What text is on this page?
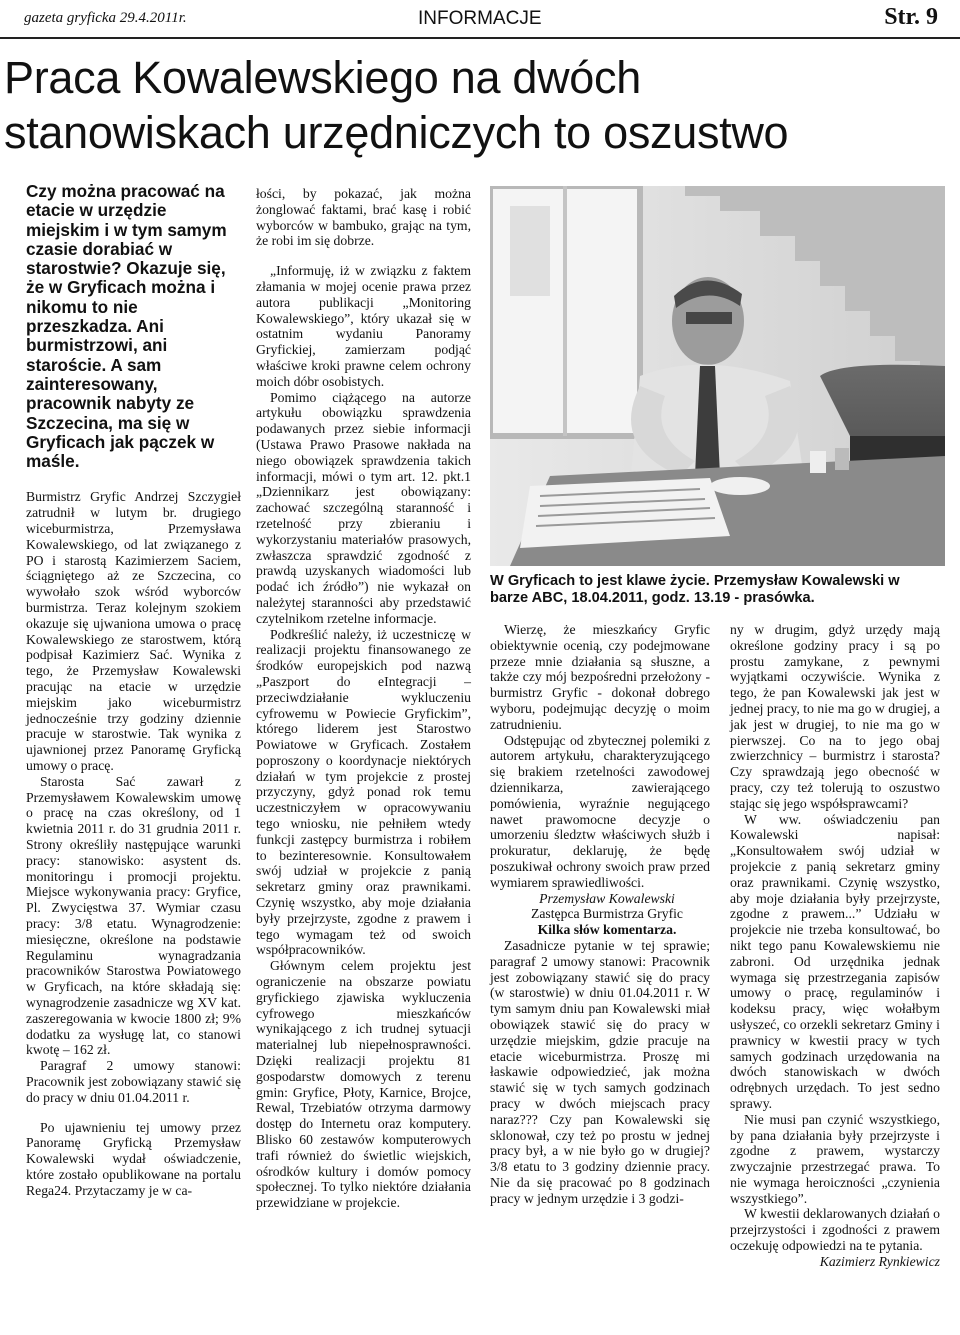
gazeta gryficka 29.4.2011r.	INFORMACJE	Str. 9
Praca Kowalewskiego na dwóch
stanowiskach urzędniczych to oszustwo
Czy można pracować na etacie w urzędzie miejskim i w tym samym czasie dorabiać w starostwie? Okazuje się, że w Gryficach można i nikomu to nie przeszkadza. Ani burmistrzowi, ani staroście. A sam zainteresowany, pracownik nabyty ze Szczecina, ma się w Gryficach jak pączek w maśle.

Burmistrz Gryfic Andrzej Szczygieł zatrudnił w lutym br. drugiego wiceburmistrza, Przemysława Kowalewskiego, od lat związanego z PO i starostą Kazimierzem Saciem, ściągniętego aż ze Szczecina, co wywołało szok wśród wyborców burmistrza. Teraz kolejnym szokiem okazuje się ujwaniona umowa o pracę Kowalewskiego ze starostwem, którą podpisał Kazimierz Sać. Wynika z tego, że Przemysław Kowalewski pracując na etacie w urzędzie miejskim jako wiceburmistrz jednocześnie trzy godziny dziennie pracuje w starostwie. Tak wynika z ujawnionej przez Panoramę Gryficką umowy o pracę.

Starosta Sać zawarł z Przemysławem Kowalewskim umowę o pracę na czas określony, od 1 kwietnia 2011 r. do 31 grudnia 2011 r. Strony określiły następujące warunki pracy: stanowisko: asystent ds. monitoringu i promocji projektu. Miejsce wykonywania pracy: Gryfice, Pl. Zwycięstwa 37. Wymiar czasu pracy: 3/8 etatu. Wynagrodzenie: miesięczne, określone na podstawie Regulaminu wynagradzania pracowników Starostwa Powiatowego w Gryficach, na które składają się: wynagrodzenie zasadnicze wg XV kat. zaszeregowania w kwocie 1800 zł; 9% dodatku za wysługę lat, co stanowi kwotę – 162 zł.

Paragraf 2 umowy stanowi: Pracownik jest zobowiązany stawić się do pracy w dniu 01.04.2011 r.

Po ujawnieniu tej umowy przez Panoramę Gryficką Przemysław Kowalewski wydał oświadczenie, które zostało opublikowane na portalu Rega24. Przytaczamy je w ca-

łości, by pokazać, jak można żonglować faktami, brać kasę i robić wyborców w bambuko, grając na tym, że robi im się dobrze.

„Informuję, iż w związku z faktem złamania w mojej ocenie prawa przez autora publikacji „Monitoring Kowalewskiego”, który ukazał się w ostatnim wydaniu Panoramy Gryfickiej, zamierzam podjąć właściwe kroki prawne celem ochrony moich dóbr osobistych.

Pomimo ciążącego na autorze artykułu obowiązku sprawdzenia podawanych przez siebie informacji (Ustawa Prawo Prasowe nakłada na niego obowiązek sprawdzenia takich informacji, mówi o tym art. 12. pkt.1 „Dziennikarz jest obowiązany: zachować szczególną staranność i rzetelność przy zbieraniu i wykorzystaniu materiałów prasowych, zwłaszcza sprawdzić zgodność z prawdą uzyskanych wiadomości lub podać ich źródło”) nie wykazał on należytej staranności aby przedstawić czytelnikom rzetelne informacje.

Podkreślić należy, iż uczestniczę w realizacji projektu finansowanego ze środków europejskich pod nazwą „Paszport do eIntegracji – przeciwdziałanie wykluczeniu cyfrowemu w Powiecie Gryfickim”, którego liderem jest Starostwo Powiatowe w Gryficach. Zostałem poproszony o koordynacje niektórych działań w tym projekcie z prostej przyczyny, gdyż ponad rok temu uczestniczyłem w opracowywaniu tego wniosku, nie pełniłem wtedy funkcji zastępcy burmistrza i robiłem to bezinteresownie. Konsultowałem swój udział w projekcie z panią sekretarz gminy oraz prawnikami. Czynię wszystko, aby moje działania były przejrzyste, zgodne z prawem i tego wymagam też od swoich współpracowników.

Głównym celem projektu jest ograniczenie na obszarze powiatu gryfickiego zjawiska wykluczenia cyfrowego mieszkańców wynikającego z ich trudnej sytuacji materialnej lub niepełnosprawności. Dzięki realizacji projektu 81 gospodarstw domowych z terenu gmin: Gryfice, Płoty, Karnice, Brojce, Rewal, Trzebiatów otrzyma darmowy dostęp do Internetu oraz komputery. Blisko 60 zestawów komputerowych trafi również do świetlic wiejskich, ośrodków kultury i domów pomocy społecznej. To tylko niektóre działania przewidziane w projekcie.

W Gryficach to jest klawe życie. Przemysław Kowalewski w barze ABC, 18.04.2011, godz. 13.19 - prasówka.

Wierzę, że mieszkańcy Gryfic obiektywnie ocenią, czy podejmowane przeze mnie działania są słuszne, a także czy mój bezpośredni przełożony - burmistrz Gryfic - dokonał dobrego wyboru, podejmując decyzję o moim zatrudnieniu.

Odstępując od zbytecznej polemiki z autorem artykułu, charakteryzującego się brakiem rzetelności zawodowej dziennikarza, zawierającego pomówienia, wyraźnie negującego nawet prawomocne decyzje o umorzeniu śledztw właściwych służb i prokuratur, deklaruję, że będę poszukiwał ochrony swoich praw przed wymiarem sprawiedliwości.

Przemysław Kowalewski

Zastępca Burmistrza Gryfic

Kilka słów komentarza.

Zasadnicze pytanie w tej sprawie; paragraf 2 umowy stanowi: Pracownik jest zobowiązany stawić się do pracy (w starostwie) w dniu 01.04.2011 r. W tym samym dniu pan Kowalewski miał obowiązek stawić się do pracy w urzędzie miejskim, gdzie pracuje na etacie wiceburmistrza. Proszę mi łaskawie odpowiedzieć, jak można stawić się w tych samych godzinach pracy w dwóch miejscach pracy naraz??? Czy pan Kowalewski się sklonował, czy też po prostu w jednej pracy był, a w nie było go w drugiej? 3/8 etatu to 3 godziny dziennie pracy. Nie da się pracować po 8 godzinach pracy w jednym urzędzie i 3 godzi-

ny w drugim, gdyż urzędy mają określone godziny pracy i są po prostu zamykane, z pewnymi wyjątkami oczywiście. Wynika z tego, że pan Kowalewski jak jest w jednej pracy, to nie ma go w drugiej, a jak jest w drugiej, to nie ma go w pierwszej. Co na to jego obaj zwierzchnicy – burmistrz i starosta? Czy sprawdzają jego obecność w pracy, czy też tolerują to oszustwo stając się jego współsprawcami?

W ww. oświadczeniu pan Kowalewski napisał: „Konsultowałem swój udział w projekcie z panią sekretarz gminy oraz prawnikami. Czynię wszystko, aby moje działania były przejrzyste, zgodne z prawem...” Udziału w projekcie nie trzeba konsultować, bo nikt tego panu Kowalewskiemu nie zabroni. Od urzędnika jednak wymaga się przestrzegania zapisów umowy o pracę, regulaminów i kodeksu pracy, więc wołałbym usłyszeć, co orzekli sekretarz Gminy i prawnicy w kwestii pracy w tych samych godzinach urzędowania na dwóch stanowiskach w dwóch odrębnych urzędach. To jest sedno sprawy.

Nie musi pan czynić wszystkiego, by pana działania były przejrzyste i zgodne z prawem, wystarczy zwyczajnie przestrzegać prawa. To nie wymaga heroiczności „czynienia wszystkiego”.

W kwestii deklarowanych działań o przejrzystości i zgodności z prawem oczekuję odpowiedzi na te pytania.

Kazimierz Rynkiewicz
